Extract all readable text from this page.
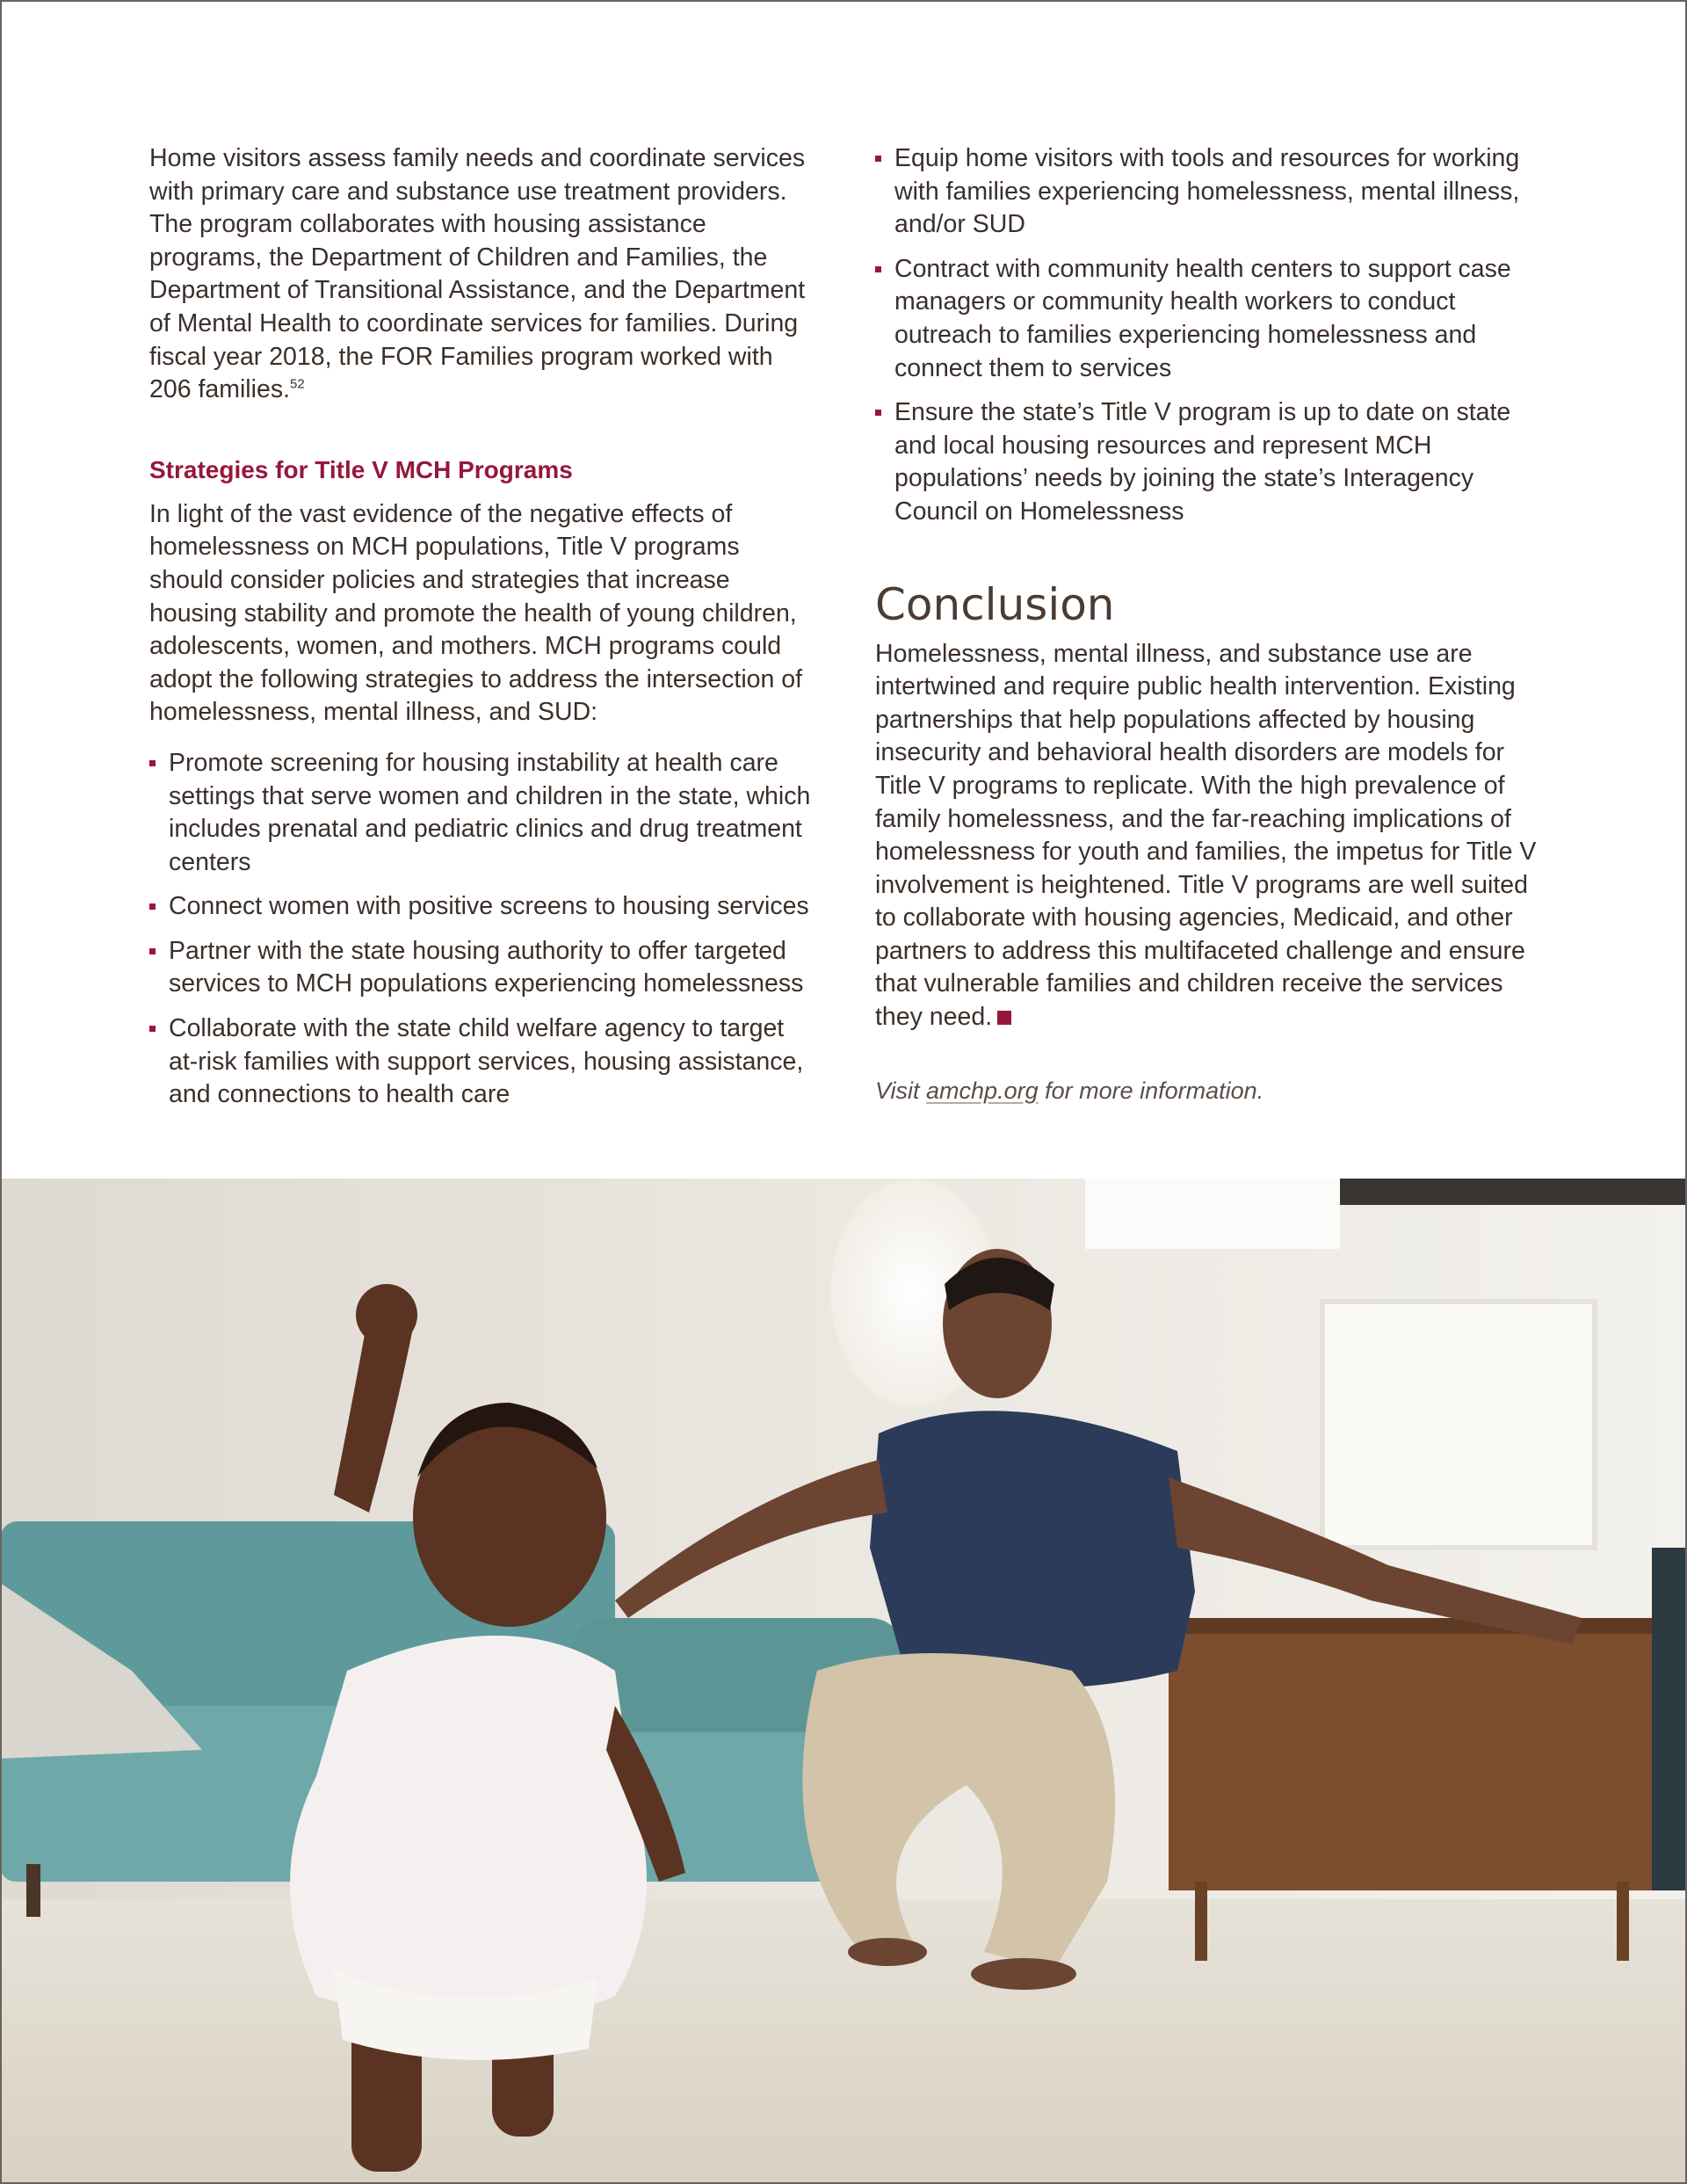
Home visitors assess family needs and coordinate services with primary care and substance use treatment providers. The program collaborates with housing assistance programs, the Department of Children and Families, the Department of Transitional Assistance, and the Department of Mental Health to coordinate services for families. During fiscal year 2018, the FOR Families program worked with 206 families.$^{52}$

Strategies for Title V MCH Programs

In light of the vast evidence of the negative effects of homelessness on MCH populations, Title V programs should consider policies and strategies that increase housing stability and promote the health of young children, adolescents, women, and mothers. MCH programs could adopt the following strategies to address the intersection of homelessness, mental illness, and SUD:

Promote screening for housing instability at health care settings that serve women and children in the state, which includes prenatal and pediatric clinics and drug treatment centers
Connect women with positive screens to housing services
Partner with the state housing authority to offer targeted services to MCH populations experiencing homelessness
Collaborate with the state child welfare agency to target at-risk families with support services, housing assistance, and connections to health care
Equip home visitors with tools and resources for working with families experiencing homelessness, mental illness, and/or SUD
Contract with community health centers to support case managers or community health workers to conduct outreach to families experiencing homelessness and connect them to services
Ensure the state’s Title V program is up to date on state and local housing resources and represent MCH populations’ needs by joining the state’s Interagency Council on Homelessness
Conclusion

Homelessness, mental illness, and substance use are intertwined and require public health intervention. Existing partnerships that help populations affected by housing insecurity and behavioral health disorders are models for Title V programs to replicate. With the high prevalence of family homelessness, and the far-reaching implications of homelessness for youth and families, the impetus for Title V involvement is heightened. Title V programs are well suited to collaborate with housing agencies, Medicaid, and other partners to address this multifaceted challenge and ensure that vulnerable families and children receive the services they need.

Visit amchp.org for more information.
